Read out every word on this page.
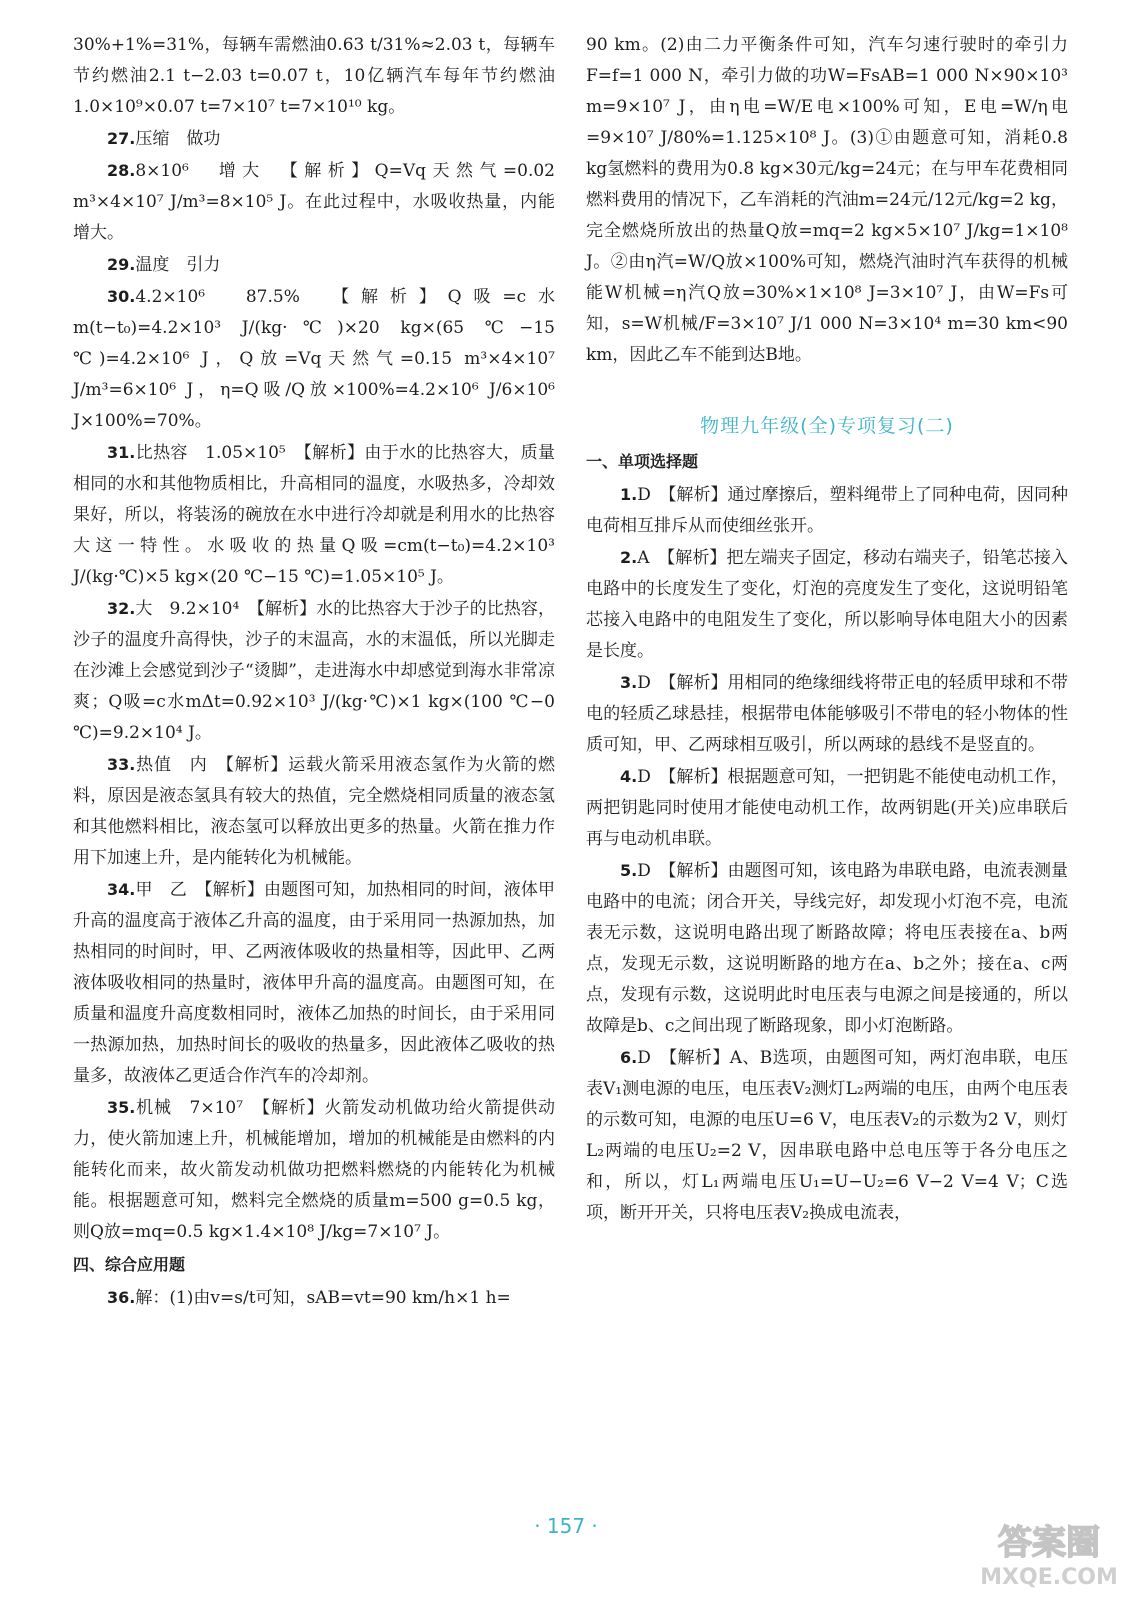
30%+1%=31%，每辆车需燃油0.63 t/31%≈2.03 t，每辆车节约燃油2.1 t−2.03 t=0.07 t，10亿辆汽车每年节约燃油1.0×10⁹×0.07 t=7×10⁷ t=7×10¹⁰ kg。

27.压缩　做功

28.8×10⁶　增大　【解析】Q=Vq天然气=0.02 m³×4×10⁷ J/m³=8×10⁵ J。在此过程中，水吸收热量，内能增大。

29.温度　引力

30.4.2×10⁶　87.5%　【解析】Q吸=c水m(t−t₀)=4.2×10³ J/(kg·℃)×20 kg×(65 ℃−15 ℃)=4.2×10⁶ J，Q放=Vq天然气=0.15 m³×4×10⁷ J/m³=6×10⁶ J，η=Q吸/Q放×100%=4.2×10⁶ J/6×10⁶ J×100%=70%。

31.比热容　1.05×10⁵　【解析】由于水的比热容大，质量相同的水和其他物质相比，升高相同的温度，水吸热多，冷却效果好，所以，将装汤的碗放在水中进行冷却就是利用水的比热容大这一特性。水吸收的热量Q吸=cm(t−t₀)=4.2×10³ J/(kg·℃)×5 kg×(20 ℃−15 ℃)=1.05×10⁵ J。

32.大　9.2×10⁴　【解析】水的比热容大于沙子的比热容，沙子的温度升高得快，沙子的末温高，水的末温低，所以光脚走在沙滩上会感觉到沙子“烫脚”，走进海水中却感觉到海水非常凉爽；Q吸=c水mΔt=0.92×10³ J/(kg·℃)×1 kg×(100 ℃−0 ℃)=9.2×10⁴ J。

33.热值　内　【解析】运载火箭采用液态氢作为火箭的燃料，原因是液态氢具有较大的热值，完全燃烧相同质量的液态氢和其他燃料相比，液态氢可以释放出更多的热量。火箭在推力作用下加速上升，是内能转化为机械能。

34.甲　乙　【解析】由题图可知，加热相同的时间，液体甲升高的温度高于液体乙升高的温度，由于采用同一热源加热，加热相同的时间时，甲、乙两液体吸收的热量相等，因此甲、乙两液体吸收相同的热量时，液体甲升高的温度高。由题图可知，在质量和温度升高度数相同时，液体乙加热的时间长，由于采用同一热源加热，加热时间长的吸收的热量多，因此液体乙吸收的热量多，故液体乙更适合作汽车的冷却剂。

35.机械　7×10⁷　【解析】火箭发动机做功给火箭提供动力，使火箭加速上升，机械能增加，增加的机械能是由燃料的内能转化而来，故火箭发动机做功把燃料燃烧的内能转化为机械能。根据题意可知，燃料完全燃烧的质量m=500 g=0.5 kg，则Q放=mq=0.5 kg×1.4×10⁸ J/kg=7×10⁷ J。

四、综合应用题

36.解：(1)由v=s/t可知，sAB=vt=90 km/h×1 h=

90 km。(2)由二力平衡条件可知，汽车匀速行驶时的牵引力F=f=1 000 N，牵引力做的功W=FsAB=1 000 N×90×10³ m=9×10⁷ J，由η电=W/E电×100%可知，E电=W/η电=9×10⁷ J/80%=1.125×10⁸ J。(3)①由题意可知，消耗0.8 kg氢燃料的费用为0.8 kg×30元/kg=24元；在与甲车花费相同燃料费用的情况下，乙车消耗的汽油m=24元/12元/kg=2 kg，完全燃烧所放出的热量Q放=mq=2 kg×5×10⁷ J/kg=1×10⁸ J。②由η汽=W/Q放×100%可知，燃烧汽油时汽车获得的机械能W机械=η汽Q放=30%×1×10⁸ J=3×10⁷ J，由W=Fs可知，s=W机械/F=3×10⁷ J/1 000 N=3×10⁴ m=30 km<90 km，因此乙车不能到达B地。

物理九年级(全)专项复习(二)
一、单项选择题

1.D　【解析】通过摩擦后，塑料绳带上了同种电荷，因同种电荷相互排斥从而使细丝张开。

2.A　【解析】把左端夹子固定，移动右端夹子，铅笔芯接入电路中的长度发生了变化，灯泡的亮度发生了变化，这说明铅笔芯接入电路中的电阻发生了变化，所以影响导体电阻大小的因素是长度。

3.D　【解析】用相同的绝缘细线将带正电的轻质甲球和不带电的轻质乙球悬挂，根据带电体能够吸引不带电的轻小物体的性质可知，甲、乙两球相互吸引，所以两球的悬线不是竖直的。

4.D　【解析】根据题意可知，一把钥匙不能使电动机工作，两把钥匙同时使用才能使电动机工作，故两钥匙(开关)应串联后再与电动机串联。

5.D　【解析】由题图可知，该电路为串联电路，电流表测量电路中的电流；闭合开关，导线完好，却发现小灯泡不亮，电流表无示数，这说明电路出现了断路故障；将电压表接在a、b两点，发现无示数，这说明断路的地方在a、b之外；接在a、c两点，发现有示数，这说明此时电压表与电源之间是接通的，所以故障是b、c之间出现了断路现象，即小灯泡断路。

6.D　【解析】A、B选项，由题图可知，两灯泡串联，电压表V₁测电源的电压，电压表V₂测灯L₂两端的电压，由两个电压表的示数可知，电源的电压U=6 V，电压表V₂的示数为2 V，则灯L₂两端的电压U₂=2 V，因串联电路中总电压等于各分电压之和，所以，灯L₁两端电压U₁=U−U₂=6 V−2 V=4 V；C选项，断开开关，只将电压表V₂换成电流表，

· 157 ·	答案圈
MXQE.COM
